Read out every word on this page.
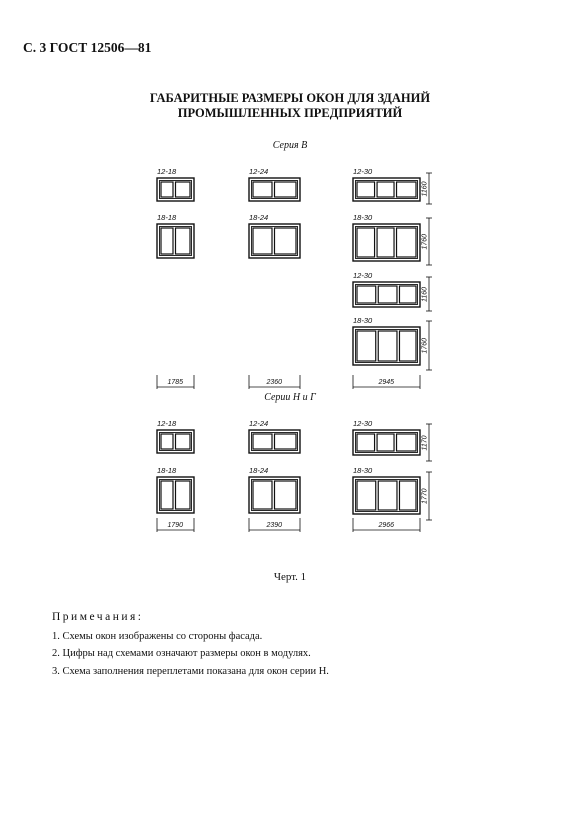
С. 3 ГОСТ 12506—81
ГАБАРИТНЫЕ РАЗМЕРЫ ОКОН ДЛЯ ЗДАНИЙ
ПРОМЫШЛЕННЫХ ПРЕДПРИЯТИЙ
Серия В
Серии Н и Г
12-18	12-24	12-30
1160
18-18	18-24	18-30
1760
12-30
1160
18-30
1760
1785	2360	2945
12-18	12-24	12-30
1170
18-18	18-24	18-30
1770
1790	2390	2966
Черт. 1
Примечания:
1. Схемы окон изображены со стороны фасада.
2. Цифры над схемами означают размеры окон в модулях.
3. Схема заполнения переплетами показана для окон серии Н.
